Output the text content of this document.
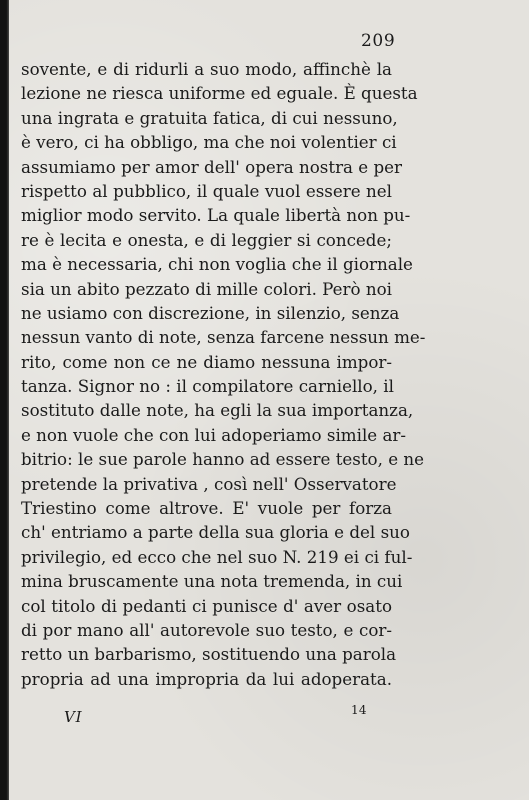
209
sovente, e di ridurli a suo modo, affinchè la
lezione ne riesca uniforme ed eguale. È questa
una ingrata e gratuita fatica, di cui nessuno,
è vero, ci ha obbligo, ma che noi volentier ci
assumiamo per amor dell' opera nostra e per
rispetto al pubblico, il quale vuol essere nel
miglior modo servito. La quale libertà non pu-
re è lecita e onesta, e di leggier si concede;
ma è necessaria, chi non voglia che il giornale
sia un abito pezzato di mille colori. Però noi
ne usiamo con discrezione, in silenzio, senza
nessun vanto di note, senza farcene nessun me-
rito, come non ce ne diamo nessuna impor-
tanza. Signor no : il compilatore carniello, il
sostituto dalle note, ha egli la sua importanza,
e non vuole che con lui adoperiamo simile ar-
bitrio: le sue parole hanno ad essere testo, e ne
pretende la privativa , così nell' Osservatore
Triestino come altrove. E' vuole per forza
ch' entriamo a parte della sua gloria e del suo
privilegio, ed ecco che nel suo N. 219 ei ci ful-
mina bruscamente una nota tremenda, in cui
col titolo di pedanti ci punisce d' aver osato
di por mano all' autorevole suo testo, e cor-
retto un barbarismo, sostituendo una parola
propria ad una impropria da lui adoperata.
VI	14
